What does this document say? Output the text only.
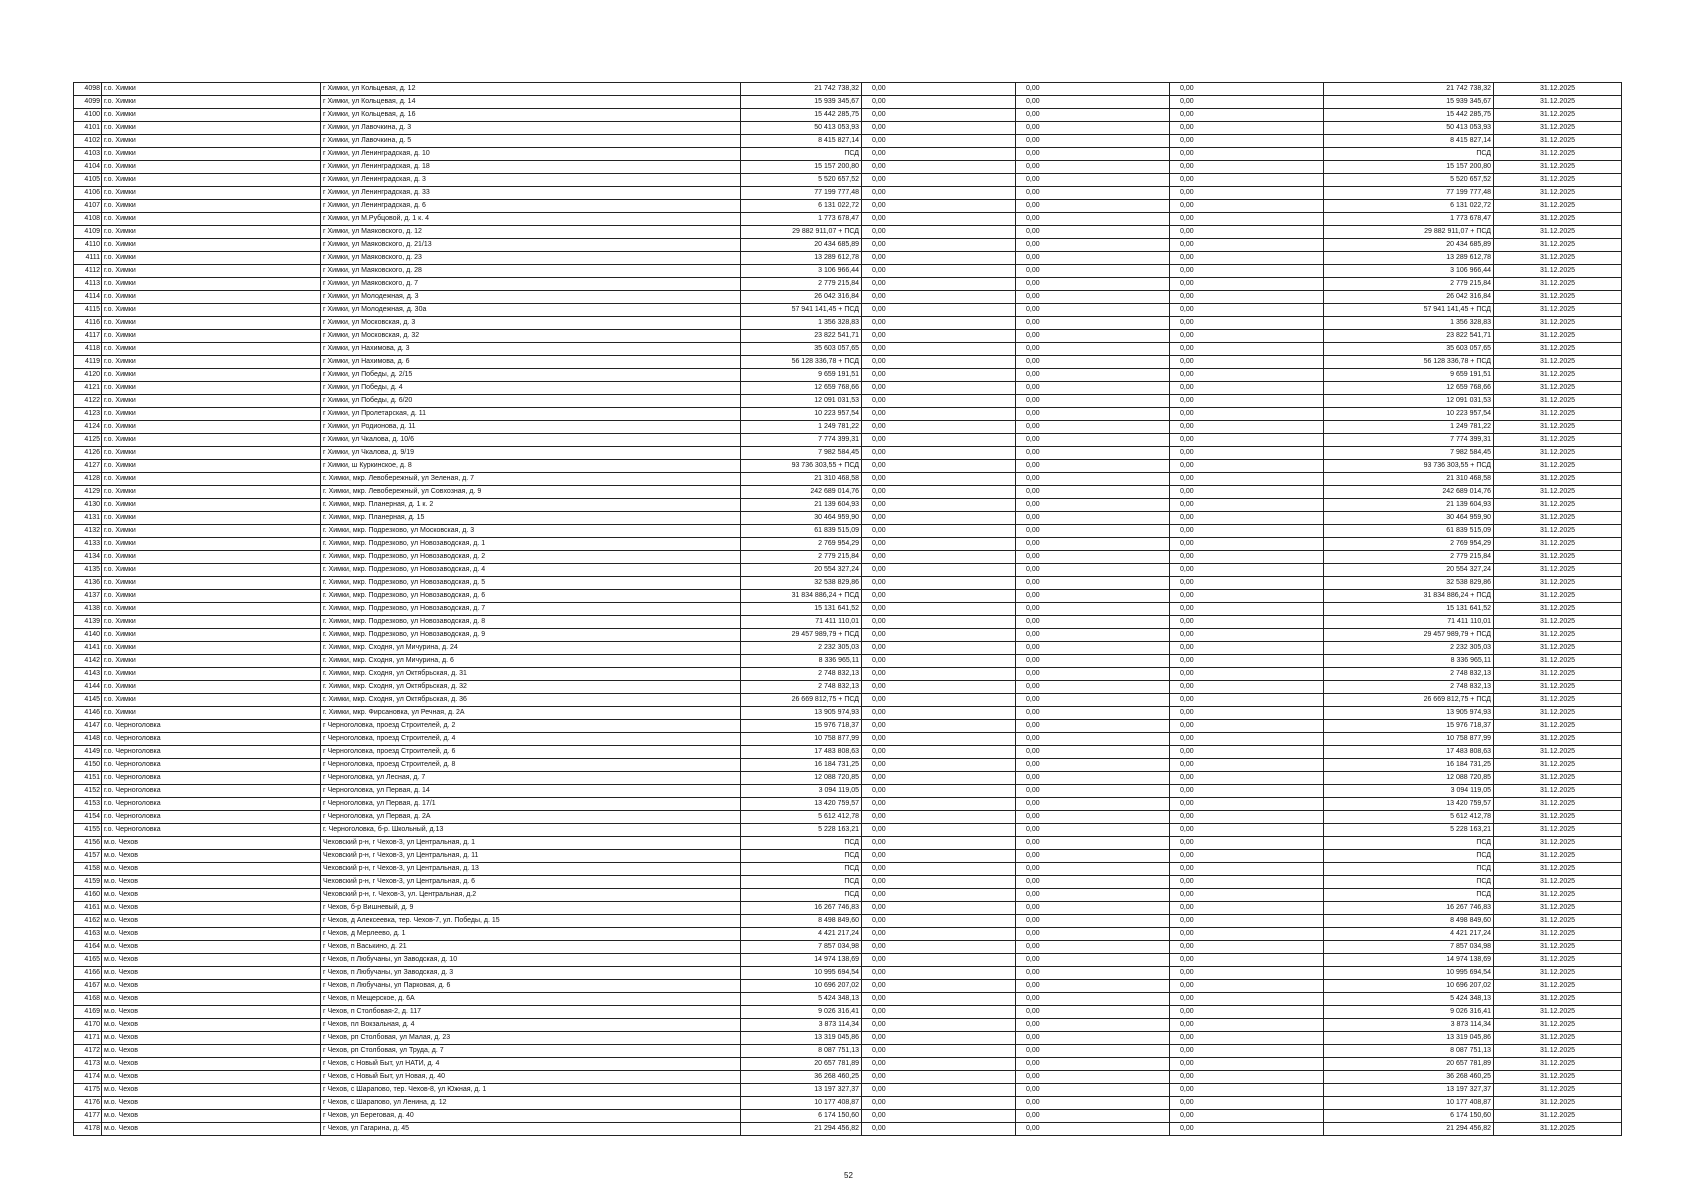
4098	г.о. Химки	г Химки, ул Кольцевая, д. 12	21 742 738,32	0,00	0,00	0,00	21 742 738,32	31.12.2025
4099	г.о. Химки	г Химки, ул Кольцевая, д. 14	15 939 345,67	0,00	0,00	0,00	15 939 345,67	31.12.2025
4100	г.о. Химки	г Химки, ул Кольцевая, д. 16	15 442 285,75	0,00	0,00	0,00	15 442 285,75	31.12.2025
4101	г.о. Химки	г Химки, ул Лавочкина, д. 3	50 413 053,93	0,00	0,00	0,00	50 413 053,93	31.12.2025
4102	г.о. Химки	г Химки, ул Лавочкина, д. 5	8 415 827,14	0,00	0,00	0,00	8 415 827,14	31.12.2025
4103	г.о. Химки	г Химки, ул Ленинградская, д. 10	ПСД	0,00	0,00	0,00	ПСД	31.12.2025
4104	г.о. Химки	г Химки, ул Ленинградская, д. 18	15 157 200,80	0,00	0,00	0,00	15 157 200,80	31.12.2025
4105	г.о. Химки	г Химки, ул Ленинградская, д. 3	5 520 657,52	0,00	0,00	0,00	5 520 657,52	31.12.2025
4106	г.о. Химки	г Химки, ул Ленинградская, д. 33	77 199 777,48	0,00	0,00	0,00	77 199 777,48	31.12.2025
4107	г.о. Химки	г Химки, ул Ленинградская, д. 6	6 131 022,72	0,00	0,00	0,00	6 131 022,72	31.12.2025
4108	г.о. Химки	г Химки, ул М.Рубцовой, д. 1 к. 4	1 773 678,47	0,00	0,00	0,00	1 773 678,47	31.12.2025
4109	г.о. Химки	г Химки, ул Маяковского, д. 12	29 882 911,07 + ПСД	0,00	0,00	0,00	29 882 911,07 + ПСД	31.12.2025
4110	г.о. Химки	г Химки, ул Маяковского, д. 21/13	20 434 685,89	0,00	0,00	0,00	20 434 685,89	31.12.2025
4111	г.о. Химки	г Химки, ул Маяковского, д. 23	13 289 612,78	0,00	0,00	0,00	13 289 612,78	31.12.2025
4112	г.о. Химки	г Химки, ул Маяковского, д. 28	3 106 966,44	0,00	0,00	0,00	3 106 966,44	31.12.2025
4113	г.о. Химки	г Химки, ул Маяковского, д. 7	2 779 215,84	0,00	0,00	0,00	2 779 215,84	31.12.2025
4114	г.о. Химки	г Химки, ул Молодежная, д. 3	26 042 316,84	0,00	0,00	0,00	26 042 316,84	31.12.2025
4115	г.о. Химки	г Химки, ул Молодежная, д. 30а	57 941 141,45 + ПСД	0,00	0,00	0,00	57 941 141,45 + ПСД	31.12.2025
4116	г.о. Химки	г Химки, ул Московская, д. 3	1 356 328,83	0,00	0,00	0,00	1 356 328,83	31.12.2025
4117	г.о. Химки	г Химки, ул Московская, д. 32	23 822 541,71	0,00	0,00	0,00	23 822 541,71	31.12.2025
4118	г.о. Химки	г Химки, ул Нахимова, д. 3	35 603 057,65	0,00	0,00	0,00	35 603 057,65	31.12.2025
4119	г.о. Химки	г Химки, ул Нахимова, д. 6	56 128 336,78 + ПСД	0,00	0,00	0,00	56 128 336,78 + ПСД	31.12.2025
4120	г.о. Химки	г Химки, ул Победы, д. 2/15	9 659 191,51	0,00	0,00	0,00	9 659 191,51	31.12.2025
4121	г.о. Химки	г Химки, ул Победы, д. 4	12 659 768,66	0,00	0,00	0,00	12 659 768,66	31.12.2025
4122	г.о. Химки	г Химки, ул Победы, д. 6/20	12 091 031,53	0,00	0,00	0,00	12 091 031,53	31.12.2025
4123	г.о. Химки	г Химки, ул Пролетарская, д. 11	10 223 957,54	0,00	0,00	0,00	10 223 957,54	31.12.2025
4124	г.о. Химки	г Химки, ул Родионова, д. 11	1 249 781,22	0,00	0,00	0,00	1 249 781,22	31.12.2025
4125	г.о. Химки	г Химки, ул Чкалова, д. 10/6	7 774 399,31	0,00	0,00	0,00	7 774 399,31	31.12.2025
4126	г.о. Химки	г Химки, ул Чкалова, д. 9/19	7 982 584,45	0,00	0,00	0,00	7 982 584,45	31.12.2025
4127	г.о. Химки	г Химки, ш Куркинское, д. 8	93 736 303,55 + ПСД	0,00	0,00	0,00	93 736 303,55 + ПСД	31.12.2025
4128	г.о. Химки	г. Химки, мкр. Левобережный, ул Зеленая, д. 7	21 310 468,58	0,00	0,00	0,00	21 310 468,58	31.12.2025
4129	г.о. Химки	г. Химки, мкр. Левобережный, ул Совхозная, д. 9	242 689 014,76	0,00	0,00	0,00	242 689 014,76	31.12.2025
4130	г.о. Химки	г. Химки, мкр. Планерная, д. 1 к. 2	21 139 604,93	0,00	0,00	0,00	21 139 604,93	31.12.2025
4131	г.о. Химки	г. Химки, мкр. Планерная, д. 15	30 464 959,90	0,00	0,00	0,00	30 464 959,90	31.12.2025
4132	г.о. Химки	г. Химки, мкр. Подрезково, ул Московская, д. 3	61 839 515,09	0,00	0,00	0,00	61 839 515,09	31.12.2025
4133	г.о. Химки	г. Химки, мкр. Подрезково, ул Новозаводская, д. 1	2 769 954,29	0,00	0,00	0,00	2 769 954,29	31.12.2025
4134	г.о. Химки	г. Химки, мкр. Подрезково, ул Новозаводская, д. 2	2 779 215,84	0,00	0,00	0,00	2 779 215,84	31.12.2025
4135	г.о. Химки	г. Химки, мкр. Подрезково, ул Новозаводская, д. 4	20 554 327,24	0,00	0,00	0,00	20 554 327,24	31.12.2025
4136	г.о. Химки	г. Химки, мкр. Подрезково, ул Новозаводская, д. 5	32 538 829,86	0,00	0,00	0,00	32 538 829,86	31.12.2025
4137	г.о. Химки	г. Химки, мкр. Подрезково, ул Новозаводская, д. 6	31 834 886,24 + ПСД	0,00	0,00	0,00	31 834 886,24 + ПСД	31.12.2025
4138	г.о. Химки	г. Химки, мкр. Подрезково, ул Новозаводская, д. 7	15 131 641,52	0,00	0,00	0,00	15 131 641,52	31.12.2025
4139	г.о. Химки	г. Химки, мкр. Подрезково, ул Новозаводская, д. 8	71 411 110,01	0,00	0,00	0,00	71 411 110,01	31.12.2025
4140	г.о. Химки	г. Химки, мкр. Подрезково, ул Новозаводская, д. 9	29 457 989,79 + ПСД	0,00	0,00	0,00	29 457 989,79 + ПСД	31.12.2025
4141	г.о. Химки	г. Химки, мкр. Сходня, ул Мичурина, д. 24	2 232 305,03	0,00	0,00	0,00	2 232 305,03	31.12.2025
4142	г.о. Химки	г. Химки, мкр. Сходня, ул Мичурина, д. 6	8 336 965,11	0,00	0,00	0,00	8 336 965,11	31.12.2025
4143	г.о. Химки	г. Химки, мкр. Сходня, ул Октябрьская, д. 31	2 748 832,13	0,00	0,00	0,00	2 748 832,13	31.12.2025
4144	г.о. Химки	г. Химки, мкр. Сходня, ул Октябрьская, д. 32	2 748 832,13	0,00	0,00	0,00	2 748 832,13	31.12.2025
4145	г.о. Химки	г. Химки, мкр. Сходня, ул Октябрьская, д. 36	26 669 812,75 + ПСД	0,00	0,00	0,00	26 669 812,75 + ПСД	31.12.2025
4146	г.о. Химки	г. Химки, мкр. Фирсановка, ул Речная, д. 2А	13 905 974,93	0,00	0,00	0,00	13 905 974,93	31.12.2025
4147	г.о. Черноголовка	г Черноголовка, проезд Строителей, д. 2	15 976 718,37	0,00	0,00	0,00	15 976 718,37	31.12.2025
4148	г.о. Черноголовка	г Черноголовка, проезд Строителей, д. 4	10 758 877,99	0,00	0,00	0,00	10 758 877,99	31.12.2025
4149	г.о. Черноголовка	г Черноголовка, проезд Строителей, д. 6	17 483 808,63	0,00	0,00	0,00	17 483 808,63	31.12.2025
4150	г.о. Черноголовка	г Черноголовка, проезд Строителей, д. 8	16 184 731,25	0,00	0,00	0,00	16 184 731,25	31.12.2025
4151	г.о. Черноголовка	г Черноголовка, ул Лесная, д. 7	12 088 720,85	0,00	0,00	0,00	12 088 720,85	31.12.2025
4152	г.о. Черноголовка	г Черноголовка, ул Первая, д. 14	3 094 119,05	0,00	0,00	0,00	3 094 119,05	31.12.2025
4153	г.о. Черноголовка	г Черноголовка, ул Первая, д. 17/1	13 420 759,57	0,00	0,00	0,00	13 420 759,57	31.12.2025
4154	г.о. Черноголовка	г Черноголовка, ул Первая, д. 2А	5 612 412,78	0,00	0,00	0,00	5 612 412,78	31.12.2025
4155	г.о. Черноголовка	г. Черноголовка, б-р. Школьный, д.13	5 228 163,21	0,00	0,00	0,00	5 228 163,21	31.12.2025
4156	м.о. Чехов	Чеховский р-н, г Чехов-3, ул Центральная, д. 1	ПСД	0,00	0,00	0,00	ПСД	31.12.2025
4157	м.о. Чехов	Чеховский р-н, г Чехов-3, ул Центральная, д. 11	ПСД	0,00	0,00	0,00	ПСД	31.12.2025
4158	м.о. Чехов	Чеховский р-н, г Чехов-3, ул Центральная, д. 13	ПСД	0,00	0,00	0,00	ПСД	31.12.2025
4159	м.о. Чехов	Чеховский р-н, г Чехов-3, ул Центральная, д. 6	ПСД	0,00	0,00	0,00	ПСД	31.12.2025
4160	м.о. Чехов	Чеховский р-н, г. Чехов-3, ул. Центральная, д.2	ПСД	0,00	0,00	0,00	ПСД	31.12.2025
4161	м.о. Чехов	г Чехов, б-р Вишневый, д. 9	16 267 746,83	0,00	0,00	0,00	16 267 746,83	31.12.2025
4162	м.о. Чехов	г Чехов, д Алексеевка, тер. Чехов-7, ул. Победы, д. 15	8 498 849,60	0,00	0,00	0,00	8 498 849,60	31.12.2025
4163	м.о. Чехов	г Чехов, д Мерлеево, д. 1	4 421 217,24	0,00	0,00	0,00	4 421 217,24	31.12.2025
4164	м.о. Чехов	г Чехов, п Васькино, д. 21	7 857 034,98	0,00	0,00	0,00	7 857 034,98	31.12.2025
4165	м.о. Чехов	г Чехов, п Любучаны, ул Заводская, д. 10	14 974 138,69	0,00	0,00	0,00	14 974 138,69	31.12.2025
4166	м.о. Чехов	г Чехов, п Любучаны, ул Заводская, д. 3	10 995 694,54	0,00	0,00	0,00	10 995 694,54	31.12.2025
4167	м.о. Чехов	г Чехов, п Любучаны, ул Парковая, д. 6	10 696 207,02	0,00	0,00	0,00	10 696 207,02	31.12.2025
4168	м.о. Чехов	г Чехов, п Мещерское, д. 6А	5 424 348,13	0,00	0,00	0,00	5 424 348,13	31.12.2025
4169	м.о. Чехов	г Чехов, п Столбовая-2, д. 117	9 026 316,41	0,00	0,00	0,00	9 026 316,41	31.12.2025
4170	м.о. Чехов	г Чехов, пл Вокзальная, д. 4	3 873 114,34	0,00	0,00	0,00	3 873 114,34	31.12.2025
4171	м.о. Чехов	г Чехов, рп Столбовая, ул Малая, д. 23	13 319 045,86	0,00	0,00	0,00	13 319 045,86	31.12.2025
4172	м.о. Чехов	г Чехов, рп Столбовая, ул Труда, д. 7	8 087 751,13	0,00	0,00	0,00	8 087 751,13	31.12.2025
4173	м.о. Чехов	г Чехов, с Новый Быт, ул НАТИ, д. 4	20 657 781,89	0,00	0,00	0,00	20 657 781,89	31.12.2025
4174	м.о. Чехов	г Чехов, с Новый Быт, ул Новая, д. 40	36 268 460,25	0,00	0,00	0,00	36 268 460,25	31.12.2025
4175	м.о. Чехов	г Чехов, с Шарапово, тер. Чехов-8, ул Южная, д. 1	13 197 327,37	0,00	0,00	0,00	13 197 327,37	31.12.2025
4176	м.о. Чехов	г Чехов, с Шарапово, ул Ленина, д. 12	10 177 408,87	0,00	0,00	0,00	10 177 408,87	31.12.2025
4177	м.о. Чехов	г Чехов, ул Береговая, д. 40	6 174 150,60	0,00	0,00	0,00	6 174 150,60	31.12.2025
4178	м.о. Чехов	г Чехов, ул Гагарина, д. 45	21 294 456,82	0,00	0,00	0,00	21 294 456,82	31.12.2025
52
